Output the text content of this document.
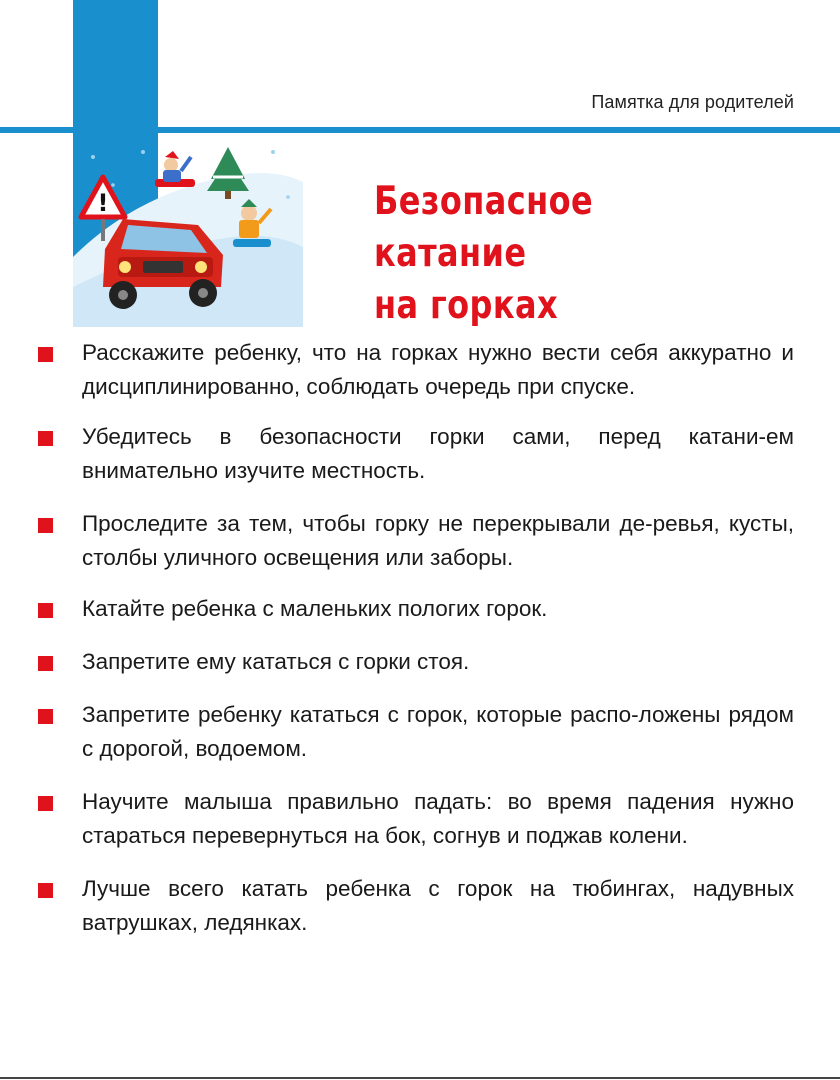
Памятка для родителей
!	Безопасное катание
на горках
Расскажите ребенку, что на горках нужно вести себя аккуратно и дисциплинированно, соблюдать очередь при спуске.
Убедитесь в безопасности горки сами, перед катани-ем внимательно изучите местность.
Проследите за тем, чтобы горку не перекрывали де-ревья, кусты, столбы уличного освещения или заборы.
Катайте ребенка с маленьких пологих горок.
Запретите ему кататься с горки стоя.
Запретите ребенку кататься с горок, которые распо-ложены рядом с дорогой, водоемом.
Научите малыша правильно падать: во время падения нужно стараться перевернуться на бок, согнув и поджав колени.
Лучше всего катать ребенка с горок на тюбингах, надувных ватрушках, ледянках.
